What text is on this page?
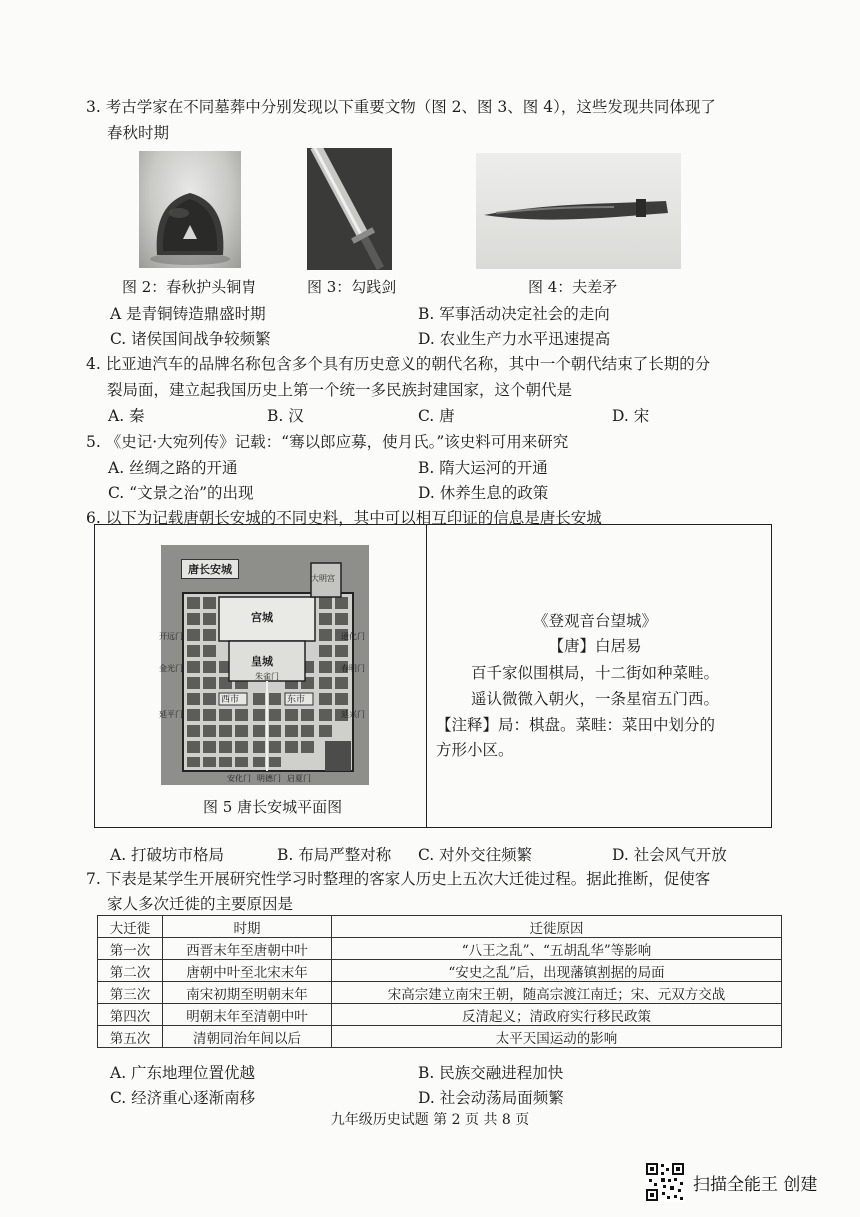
3. 考古学家在不同墓葬中分别发现以下重要文物（图 2、图 3、图 4），这些发现共同体现了
春秋时期
图 2：春秋护头铜胄	图 3：勾践剑	图 4：夫差矛
A 是青铜铸造鼎盛时期	B. 军事活动决定社会的走向
C. 诸侯国间战争较频繁	D. 农业生产力水平迅速提高
4. 比亚迪汽车的品牌名称包含多个具有历史意义的朝代名称，其中一个朝代结束了长期的分
裂局面，建立起我国历史上第一个统一多民族封建国家，这个朝代是
A. 秦	B. 汉	C. 唐	D. 宋
5. 《史记·大宛列传》记载：“骞以郎应募，使月氏。”该史料可用来研究
A. 丝绸之路的开通	B. 隋大运河的开通
C. “文景之治”的出现	D. 休养生息的政策
6. 以下为记载唐朝长安城的不同史料，其中可以相互印证的信息是唐长安城
唐长安城
宫城
皇城
西市	东市
大明宫
开远门
金光门
延平门
通化门
春明门
延兴门
安化门 明德门 启夏门
朱雀门
图 5 唐长安城平面图
《登观音台望城》
【唐】白居易
百千家似围棋局，十二街如种菜畦。
遥认微微入朝火，一条星宿五门西。
【注释】局：棋盘。菜畦：菜田中划分的
方形小区。
A. 打破坊市格局	B. 布局严整对称 C. 对外交往频繁	D. 社会风气开放
7. 下表是某学生开展研究性学习时整理的客家人历史上五次大迁徙过程。据此推断，促使客
家人多次迁徙的主要原因是
大迁徙	时期	迁徙原因
第一次	西晋末年至唐朝中叶	“八王之乱”、“五胡乱华”等影响
第二次	唐朝中叶至北宋末年	“安史之乱”后，出现藩镇割据的局面
第三次	南宋初期至明朝末年	宋高宗建立南宋王朝，随高宗渡江南迁；宋、元双方交战
第四次	明朝末年至清朝中叶	反清起义；清政府实行移民政策
第五次	清朝同治年间以后	太平天国运动的影响
A. 广东地理位置优越	B. 民族交融进程加快
C. 经济重心逐渐南移	D. 社会动荡局面频繁
九年级历史试题 第 2 页 共 8 页
扫描全能王 创建
